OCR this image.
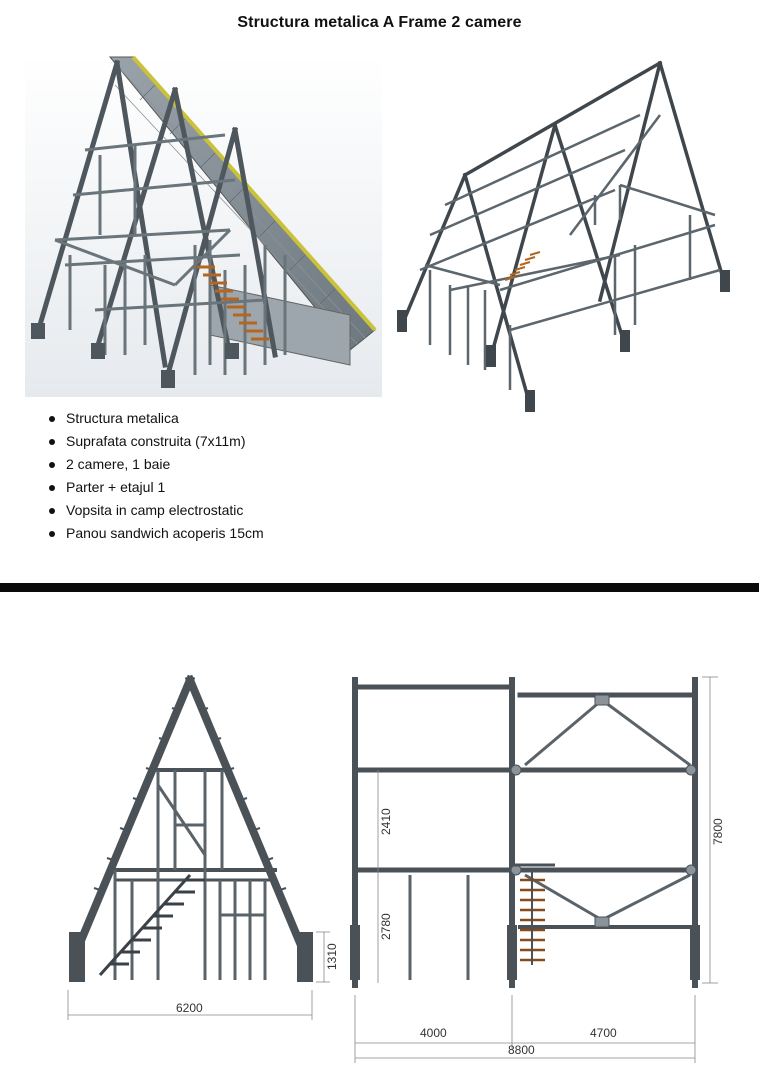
Structura metalica A Frame 2 camere
Structura metalica
Suprafata construita (7x11m)
2 camere, 1 baie
Parter + etajul 1
Vopsita in camp electrostatic
Panou sandwich acoperis 15cm
6200
1310
2410
2780
7800
4000	4700
8800
